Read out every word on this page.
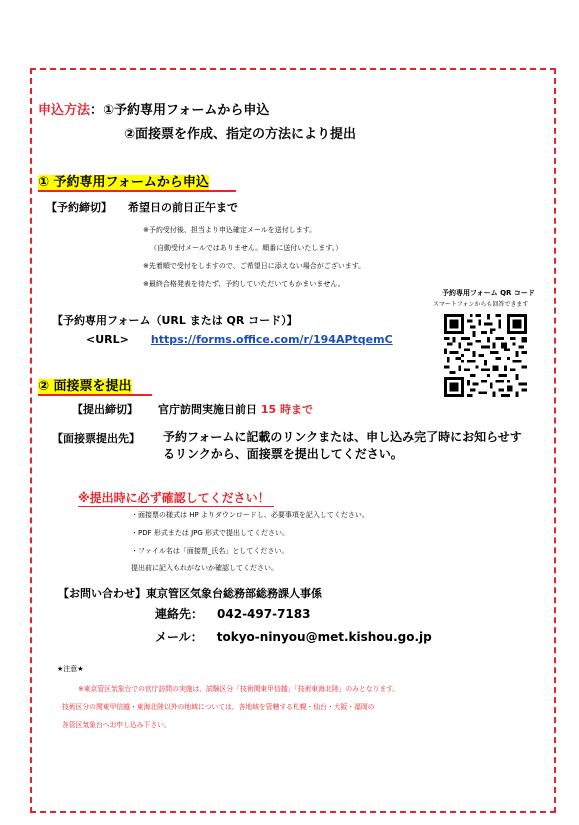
申込方法：①予約専用フォームから申込
②面接票を作成、指定の方法により提出
① 予約専用フォームから申込
【予約締切】 希望日の前日正午まで
※予約受付後、担当より申込確定メールを送付します。
（自動受付メールではありません。順番に送付いたします。）
※先着順で受付をしますので、ご希望日に添えない場合がございます。
※最終合格発表を待たず、予約していただいてもかまいません。
予約専用フォーム QR コード
スマートフォンからも回答できます
【予約専用フォーム（URL または QR コード）】
<URL> https://forms.office.com/r/194APtqemC
② 面接票を提出
【提出締切】 官庁訪問実施日前日 15 時まで
【面接票提出先】 予約フォームに記載のリンクまたは、申し込み完了時にお知らせす
るリンクから、面接票を提出してください。
※提出時に必ず確認してください！
・面接票の様式は HP よりダウンロードし、必要事項を記入してください。
・PDF 形式または JPG 形式で提出してください。
・ファイル名は「面接票_氏名」としてください。
提出前に記入もれがないか確認してください。
【お問い合わせ】東京管区気象台総務部総務課人事係
連絡先： 042-497-7183
メール： tokyo-ninyou@met.kishou.go.jp
★注意★
※東京管区気象台での官庁訪問の実施は、試験区分「技術関東甲信越」「技術東海北陸」のみとなります。
技術区分の関東甲信越・東海北陸以外の地域については、各地域を管轄する札幌・仙台・大阪・福岡の
各管区気象台へお申し込み下さい。
